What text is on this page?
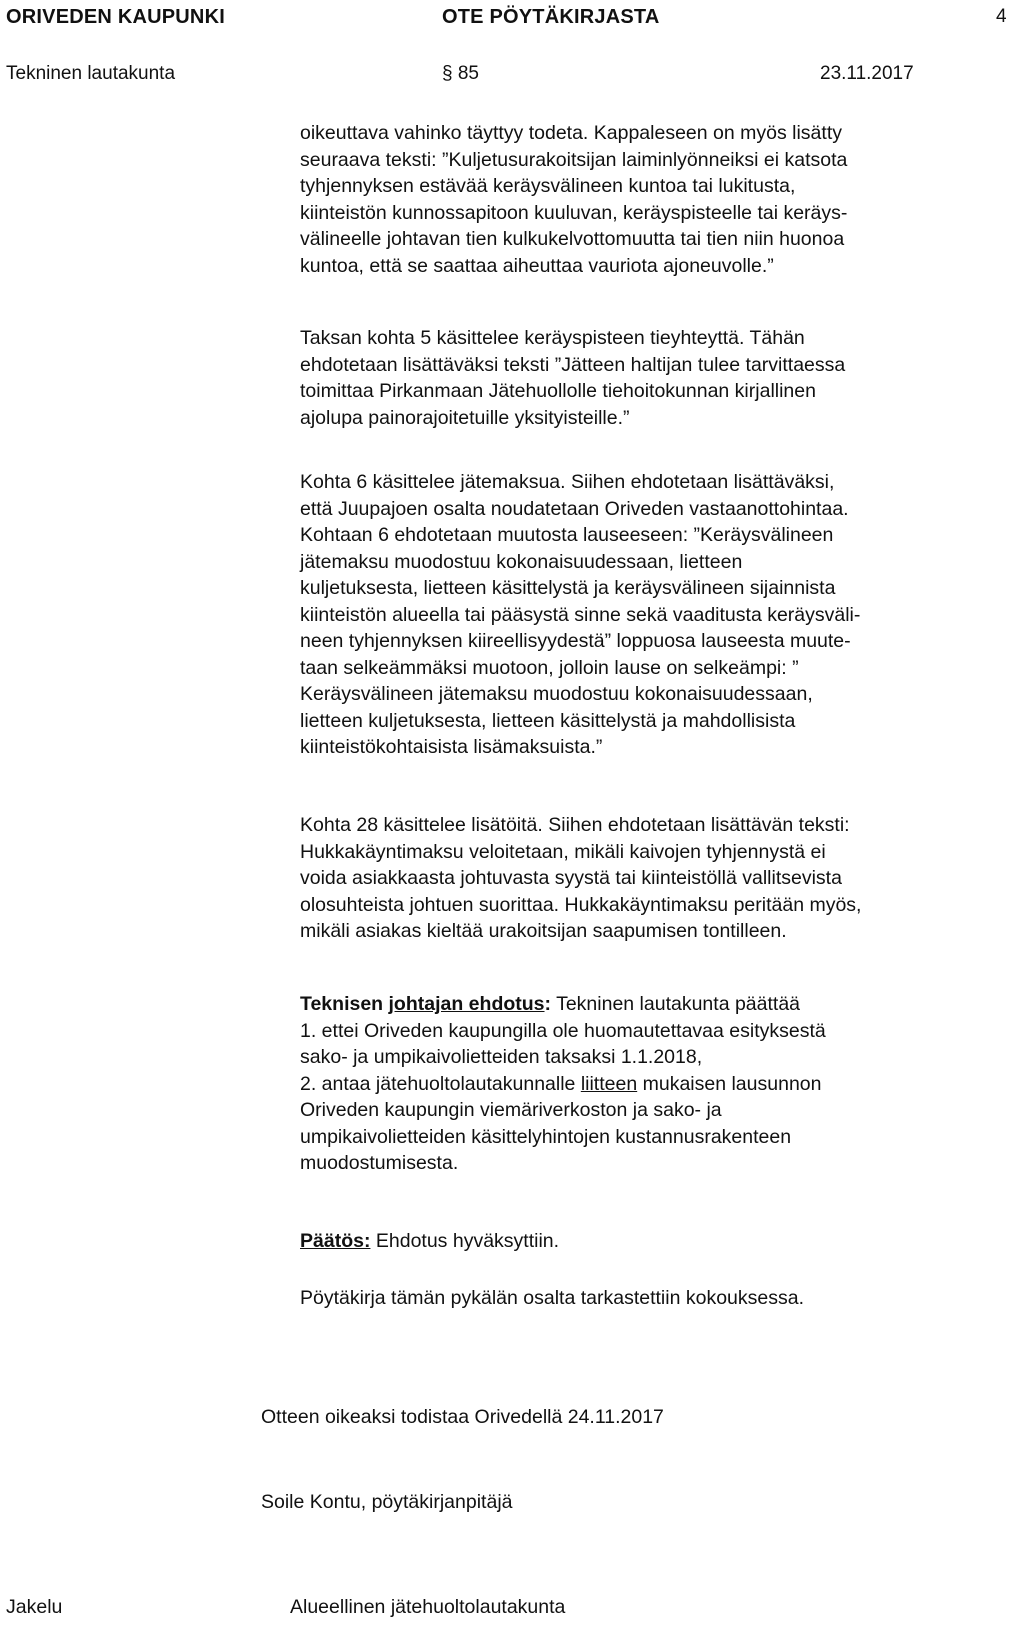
ORIVEDEN KAUPUNKI	OTE PÖYTÄKIRJASTA	4
Tekninen lautakunta	§ 85	23.11.2017
oikeuttava vahinko täyttyy todeta. Kappaleseen on myös lisätty
seuraava teksti: ”Kuljetusurakoitsijan laiminlyönneiksi ei katsota
tyhjennyksen estävää keräysvälineen kuntoa tai lukitusta,
kiinteistön kunnossapitoon kuuluvan, keräyspisteelle tai keräys-
välineelle johtavan tien kulkukelvottomuutta tai tien niin huonoa
kuntoa, että se saattaa aiheuttaa vauriota ajoneuvolle.”
Taksan kohta 5 käsittelee keräyspisteen tieyhteyttä. Tähän
ehdotetaan lisättäväksi teksti ”Jätteen haltijan tulee tarvittaessa
toimittaa Pirkanmaan Jätehuollolle tiehoitokunnan kirjallinen
ajolupa painorajoitetuille yksityisteille.”
Kohta 6 käsittelee jätemaksua. Siihen ehdotetaan lisättäväksi,
että Juupajoen osalta noudatetaan Oriveden vastaanottohintaa.
Kohtaan 6 ehdotetaan muutosta lauseeseen: ”Keräysvälineen
jätemaksu muodostuu kokonaisuudessaan, lietteen
kuljetuksesta, lietteen käsittelystä ja keräysvälineen sijainnista
kiinteistön alueella tai pääsystä sinne sekä vaaditusta keräysväli-
neen tyhjennyksen kiireellisyydestä” loppuosa lauseesta muute-
taan selkeämmäksi muotoon, jolloin lause on selkeämpi: ”
Keräysvälineen jätemaksu muodostuu kokonaisuudessaan,
lietteen kuljetuksesta, lietteen käsittelystä ja mahdollisista
kiinteistökohtaisista lisämaksuista.”
Kohta 28 käsittelee lisätöitä. Siihen ehdotetaan lisättävän teksti:
Hukkakäyntimaksu veloitetaan, mikäli kaivojen tyhjennystä ei
voida asiakkaasta johtuvasta syystä tai kiinteistöllä vallitsevista
olosuhteista johtuen suorittaa. Hukkakäyntimaksu peritään myös,
mikäli asiakas kieltää urakoitsijan saapumisen tontilleen.
Teknisen johtajan ehdotus: Tekninen lautakunta päättää
1. ettei Oriveden kaupungilla ole huomautettavaa esityksestä
sako- ja umpikaivolietteiden taksaksi 1.1.2018,
2. antaa jätehuoltolautakunnalle liitteen mukaisen lausunnon
Oriveden kaupungin viemäriverkoston ja sako- ja
umpikaivolietteiden käsittelyhintojen kustannusrakenteen
muodostumisesta.
Päätös: Ehdotus hyväksyttiin.
Pöytäkirja tämän pykälän osalta tarkastettiin kokouksessa.
Otteen oikeaksi todistaa Orivedellä 24.11.2017
Soile Kontu, pöytäkirjanpitäjä
Jakelu	Alueellinen jätehuoltolautakunta
